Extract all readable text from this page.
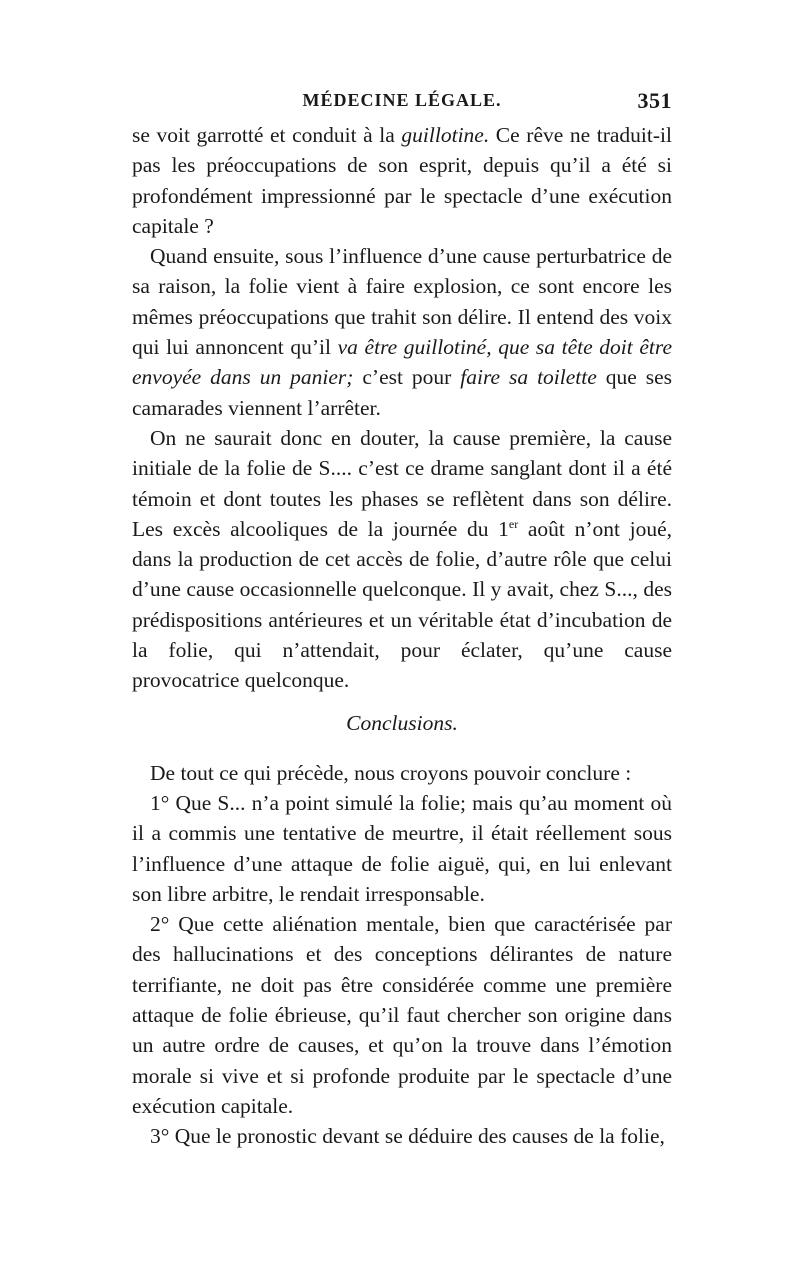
MÉDECINE LÉGALE.	351

se voit garrotté et conduit à la guillotine. Ce rêve ne traduit-il pas les préoccupations de son esprit, depuis qu’il a été si profondément impressionné par le spectacle d’une exécution capitale ?

Quand ensuite, sous l’influence d’une cause perturbatrice de sa raison, la folie vient à faire explosion, ce sont encore les mêmes préoccupations que trahit son délire. Il entend des voix qui lui annoncent qu’il va être guillotiné, que sa tête doit être envoyée dans un panier; c’est pour faire sa toilette que ses camarades viennent l’arrêter.

On ne saurait donc en douter, la cause première, la cause initiale de la folie de S.... c’est ce drame sanglant dont il a été témoin et dont toutes les phases se reflètent dans son délire. Les excès alcooliques de la journée du 1er août n’ont joué, dans la production de cet accès de folie, d’autre rôle que celui d’une cause occasionnelle quelconque. Il y avait, chez S..., des prédispositions antérieures et un véritable état d’incubation de la folie, qui n’attendait, pour éclater, qu’une cause provocatrice quelconque.

Conclusions.

De tout ce qui précède, nous croyons pouvoir conclure :

1° Que S... n’a point simulé la folie; mais qu’au moment où il a commis une tentative de meurtre, il était réellement sous l’influence d’une attaque de folie aiguë, qui, en lui enlevant son libre arbitre, le rendait irresponsable.

2° Que cette aliénation mentale, bien que caractérisée par des hallucinations et des conceptions délirantes de nature terrifiante, ne doit pas être considérée comme une première attaque de folie ébrieuse, qu’il faut chercher son origine dans un autre ordre de causes, et qu’on la trouve dans l’émotion morale si vive et si profonde produite par le spectacle d’une exécution capitale.

3° Que le pronostic devant se déduire des causes de la folie,
